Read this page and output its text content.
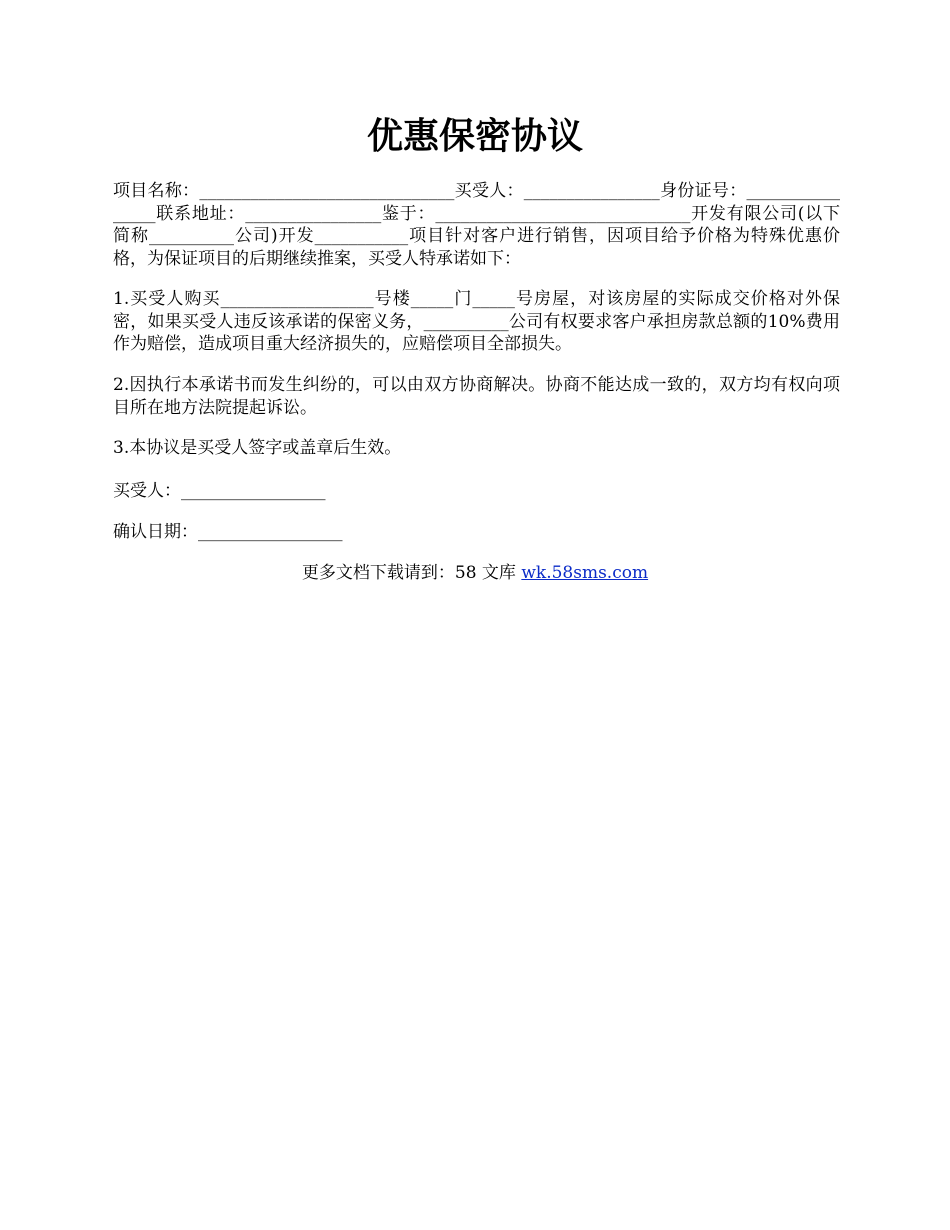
优惠保密协议

项目名称：______________________________买受人：________________身份证号：________________联系地址：________________鉴于：______________________________开发有限公司(以下简称__________公司)开发___________项目针对客户进行销售，因项目给予价格为特殊优惠价格，为保证项目的后期继续推案，买受人特承诺如下：

1.买受人购买__________________号楼_____门_____号房屋，对该房屋的实际成交价格对外保密，如果买受人违反该承诺的保密义务，__________公司有权要求客户承担房款总额的10%费用作为赔偿，造成项目重大经济损失的，应赔偿项目全部损失。

2.因执行本承诺书而发生纠纷的，可以由双方协商解决。协商不能达成一致的，双方均有权向项目所在地方法院提起诉讼。

3.本协议是买受人签字或盖章后生效。

买受人：_________________

确认日期：_________________

更多文档下载请到：58 文库 wk.58sms.com
